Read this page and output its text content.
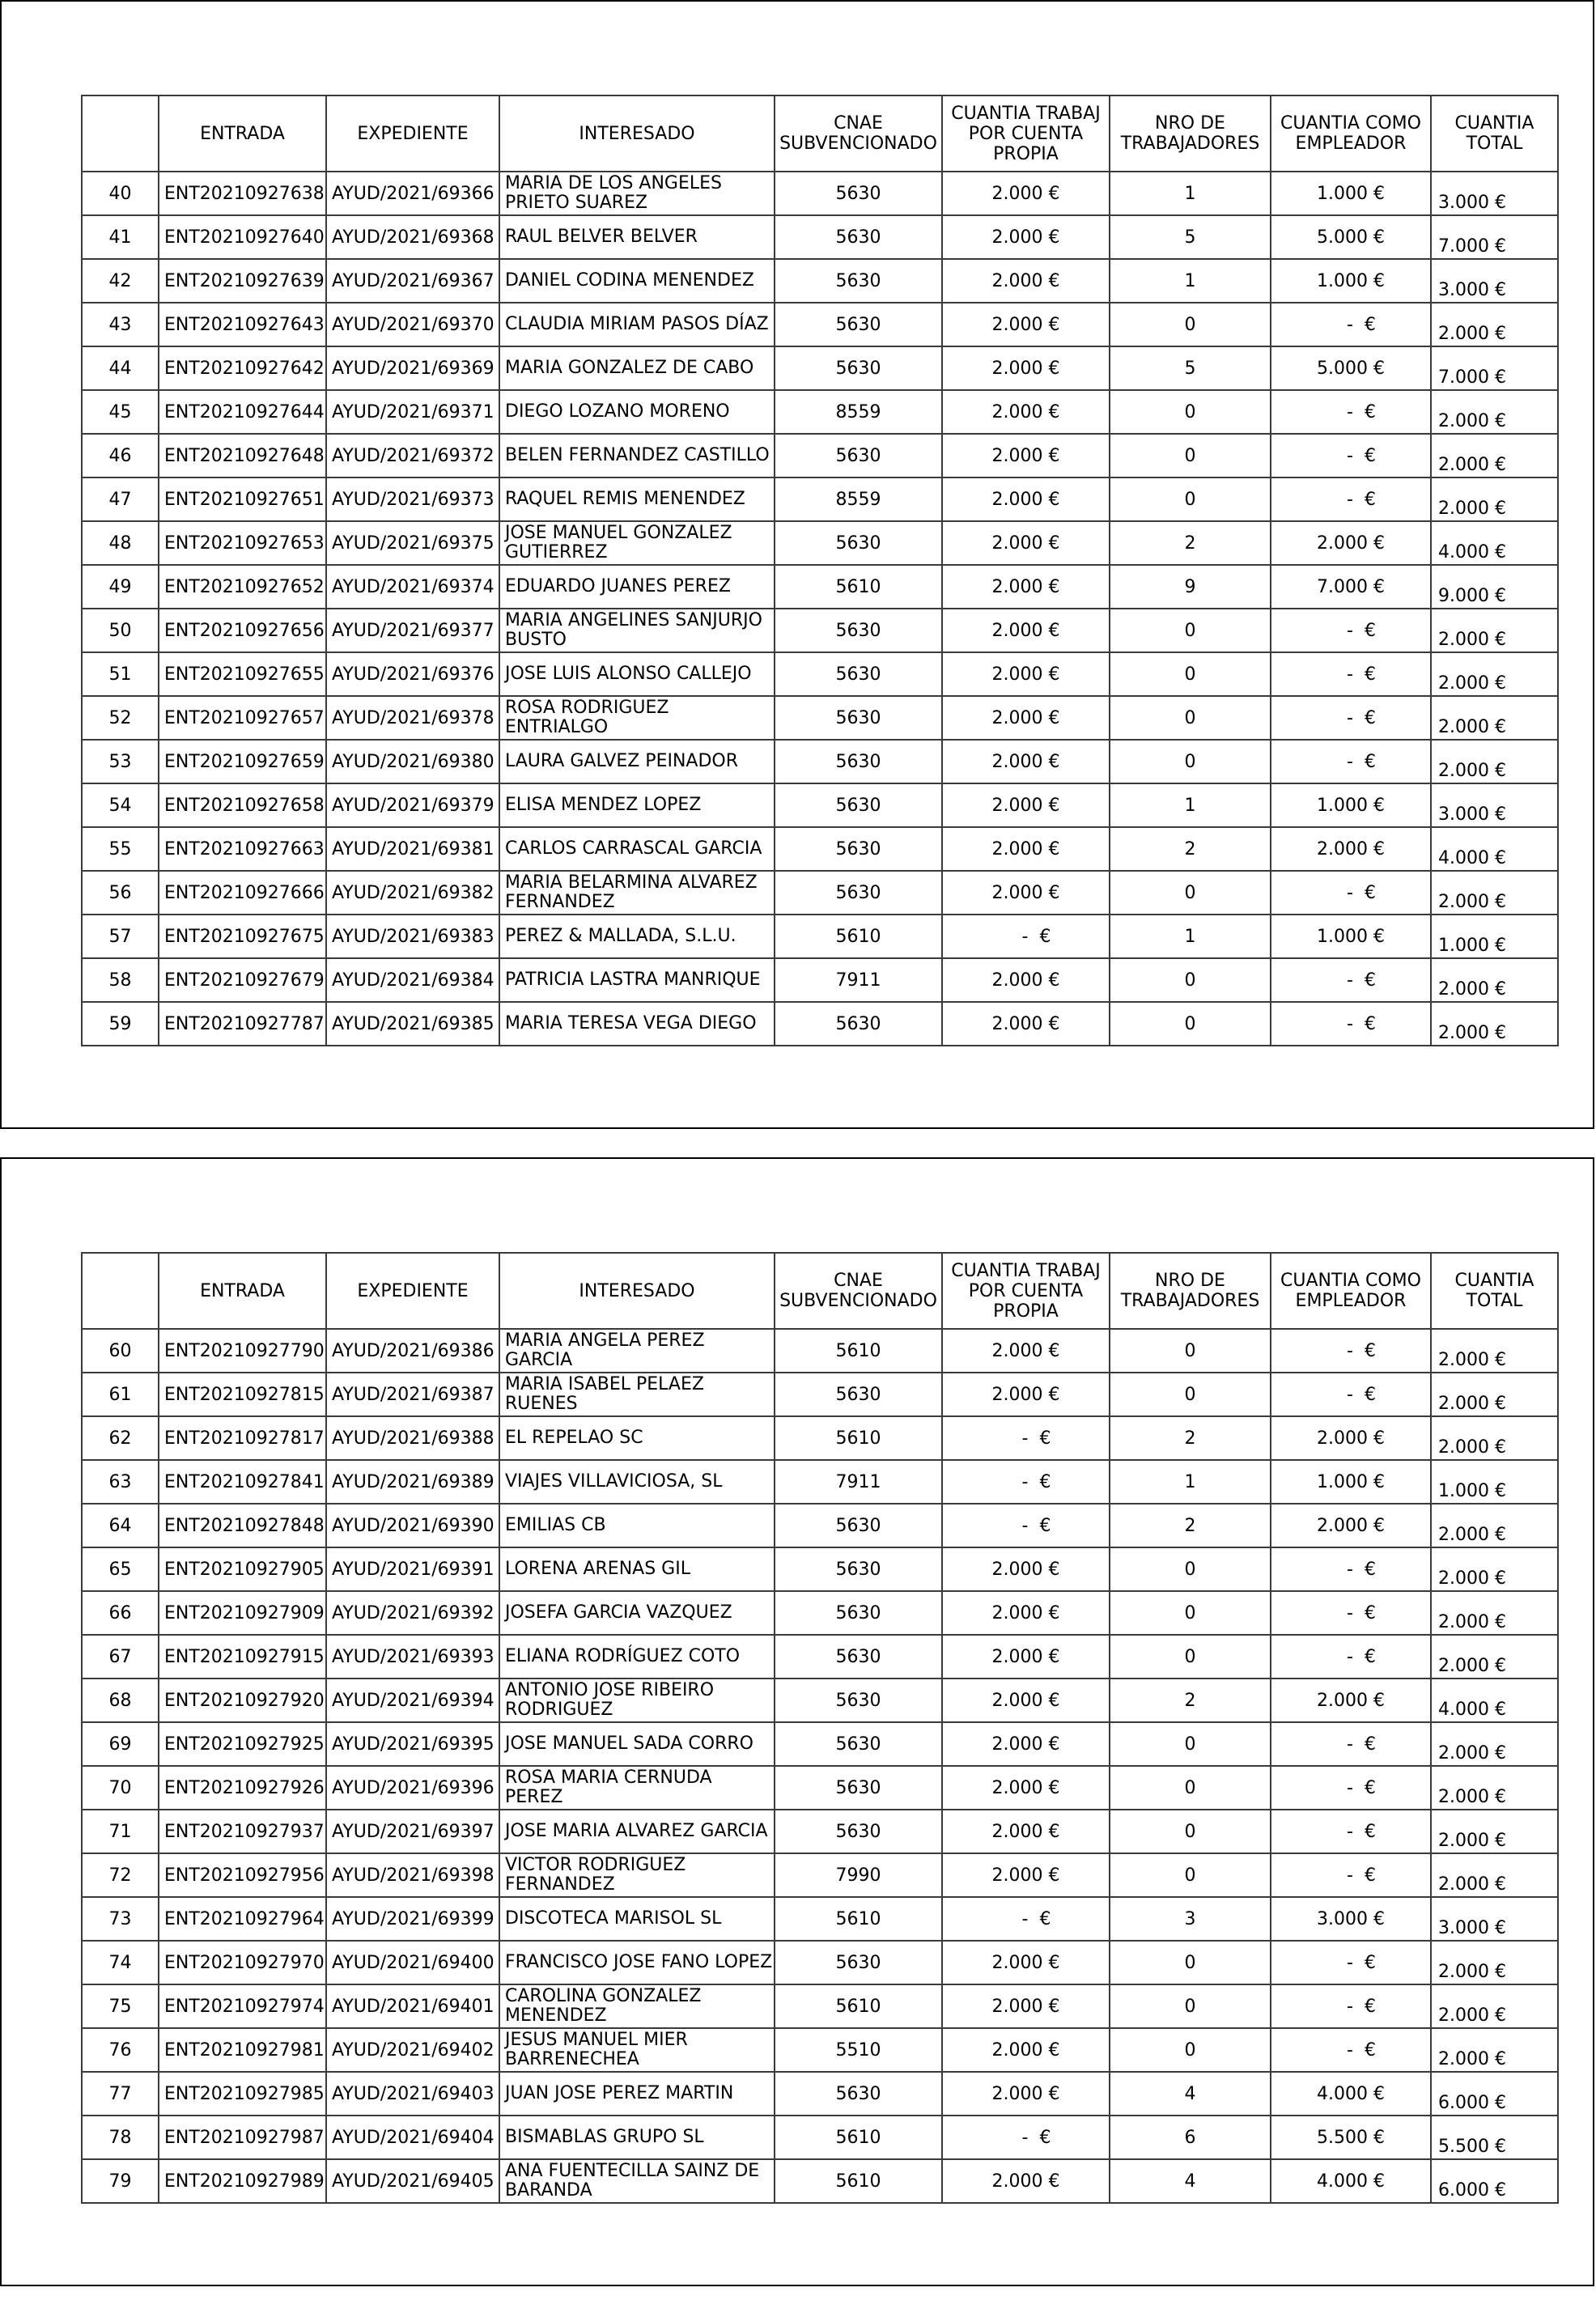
	ENTRADA	EXPEDIENTE	INTERESADO	CNAE SUBVENCIONADO	CUANTIA TRABAJ POR CUENTA PROPIA	NRO DE TRABAJADORES	CUANTIA COMO EMPLEADOR	CUANTIA TOTAL
40	ENT20210927638	AYUD/2021/69366	MARIA DE LOS ANGELES PRIETO SUAREZ	5630	2.000 €	1	1.000 €	3.000 €
41	ENT20210927640	AYUD/2021/69368	RAUL BELVER BELVER	5630	2.000 €	5	5.000 €	7.000 €
42	ENT20210927639	AYUD/2021/69367	DANIEL CODINA MENENDEZ	5630	2.000 €	1	1.000 €	3.000 €
43	ENT20210927643	AYUD/2021/69370	CLAUDIA MIRIAM PASOS DÍAZ	5630	2.000 €	0	- €	2.000 €
44	ENT20210927642	AYUD/2021/69369	MARIA GONZALEZ DE CABO	5630	2.000 €	5	5.000 €	7.000 €
45	ENT20210927644	AYUD/2021/69371	DIEGO LOZANO MORENO	8559	2.000 €	0	- €	2.000 €
46	ENT20210927648	AYUD/2021/69372	BELEN FERNANDEZ CASTILLO	5630	2.000 €	0	- €	2.000 €
47	ENT20210927651	AYUD/2021/69373	RAQUEL REMIS MENENDEZ	8559	2.000 €	0	- €	2.000 €
48	ENT20210927653	AYUD/2021/69375	JOSE MANUEL GONZALEZ GUTIERREZ	5630	2.000 €	2	2.000 €	4.000 €
49	ENT20210927652	AYUD/2021/69374	EDUARDO JUANES PEREZ	5610	2.000 €	9	7.000 €	9.000 €
50	ENT20210927656	AYUD/2021/69377	MARIA ANGELINES SANJURJO BUSTO	5630	2.000 €	0	- €	2.000 €
51	ENT20210927655	AYUD/2021/69376	JOSE LUIS ALONSO CALLEJO	5630	2.000 €	0	- €	2.000 €
52	ENT20210927657	AYUD/2021/69378	ROSA RODRIGUEZ ENTRIALGO	5630	2.000 €	0	- €	2.000 €
53	ENT20210927659	AYUD/2021/69380	LAURA GALVEZ PEINADOR	5630	2.000 €	0	- €	2.000 €
54	ENT20210927658	AYUD/2021/69379	ELISA MENDEZ LOPEZ	5630	2.000 €	1	1.000 €	3.000 €
55	ENT20210927663	AYUD/2021/69381	CARLOS CARRASCAL GARCIA	5630	2.000 €	2	2.000 €	4.000 €
56	ENT20210927666	AYUD/2021/69382	MARIA BELARMINA ALVAREZ FERNANDEZ	5630	2.000 €	0	- €	2.000 €
57	ENT20210927675	AYUD/2021/69383	PEREZ & MALLADA, S.L.U.	5610	- €	1	1.000 €	1.000 €
58	ENT20210927679	AYUD/2021/69384	PATRICIA LASTRA MANRIQUE	7911	2.000 €	0	- €	2.000 €
59	ENT20210927787	AYUD/2021/69385	MARIA TERESA VEGA DIEGO	5630	2.000 €	0	- €	2.000 €
	ENTRADA	EXPEDIENTE	INTERESADO	CNAE SUBVENCIONADO	CUANTIA TRABAJ POR CUENTA PROPIA	NRO DE TRABAJADORES	CUANTIA COMO EMPLEADOR	CUANTIA TOTAL
60	ENT20210927790	AYUD/2021/69386	MARIA ANGELA PEREZ GARCIA	5610	2.000 €	0	- €	2.000 €
61	ENT20210927815	AYUD/2021/69387	MARIA ISABEL PELAEZ RUENES	5630	2.000 €	0	- €	2.000 €
62	ENT20210927817	AYUD/2021/69388	EL REPELAO SC	5610	- €	2	2.000 €	2.000 €
63	ENT20210927841	AYUD/2021/69389	VIAJES VILLAVICIOSA, SL	7911	- €	1	1.000 €	1.000 €
64	ENT20210927848	AYUD/2021/69390	EMILIAS CB	5630	- €	2	2.000 €	2.000 €
65	ENT20210927905	AYUD/2021/69391	LORENA ARENAS GIL	5630	2.000 €	0	- €	2.000 €
66	ENT20210927909	AYUD/2021/69392	JOSEFA GARCIA VAZQUEZ	5630	2.000 €	0	- €	2.000 €
67	ENT20210927915	AYUD/2021/69393	ELIANA RODRÍGUEZ COTO	5630	2.000 €	0	- €	2.000 €
68	ENT20210927920	AYUD/2021/69394	ANTONIO JOSE RIBEIRO RODRIGUEZ	5630	2.000 €	2	2.000 €	4.000 €
69	ENT20210927925	AYUD/2021/69395	JOSE MANUEL SADA CORRO	5630	2.000 €	0	- €	2.000 €
70	ENT20210927926	AYUD/2021/69396	ROSA MARIA CERNUDA PEREZ	5630	2.000 €	0	- €	2.000 €
71	ENT20210927937	AYUD/2021/69397	JOSE MARIA ALVAREZ GARCIA	5630	2.000 €	0	- €	2.000 €
72	ENT20210927956	AYUD/2021/69398	VICTOR RODRIGUEZ FERNANDEZ	7990	2.000 €	0	- €	2.000 €
73	ENT20210927964	AYUD/2021/69399	DISCOTECA MARISOL SL	5610	- €	3	3.000 €	3.000 €
74	ENT20210927970	AYUD/2021/69400	FRANCISCO JOSE FANO LOPEZ	5630	2.000 €	0	- €	2.000 €
75	ENT20210927974	AYUD/2021/69401	CAROLINA GONZALEZ MENENDEZ	5610	2.000 €	0	- €	2.000 €
76	ENT20210927981	AYUD/2021/69402	JESUS MANUEL MIER BARRENECHEA	5510	2.000 €	0	- €	2.000 €
77	ENT20210927985	AYUD/2021/69403	JUAN JOSE PEREZ MARTIN	5630	2.000 €	4	4.000 €	6.000 €
78	ENT20210927987	AYUD/2021/69404	BISMABLAS GRUPO SL	5610	- €	6	5.500 €	5.500 €
79	ENT20210927989	AYUD/2021/69405	ANA FUENTECILLA SAINZ DE BARANDA	5610	2.000 €	4	4.000 €	6.000 €
